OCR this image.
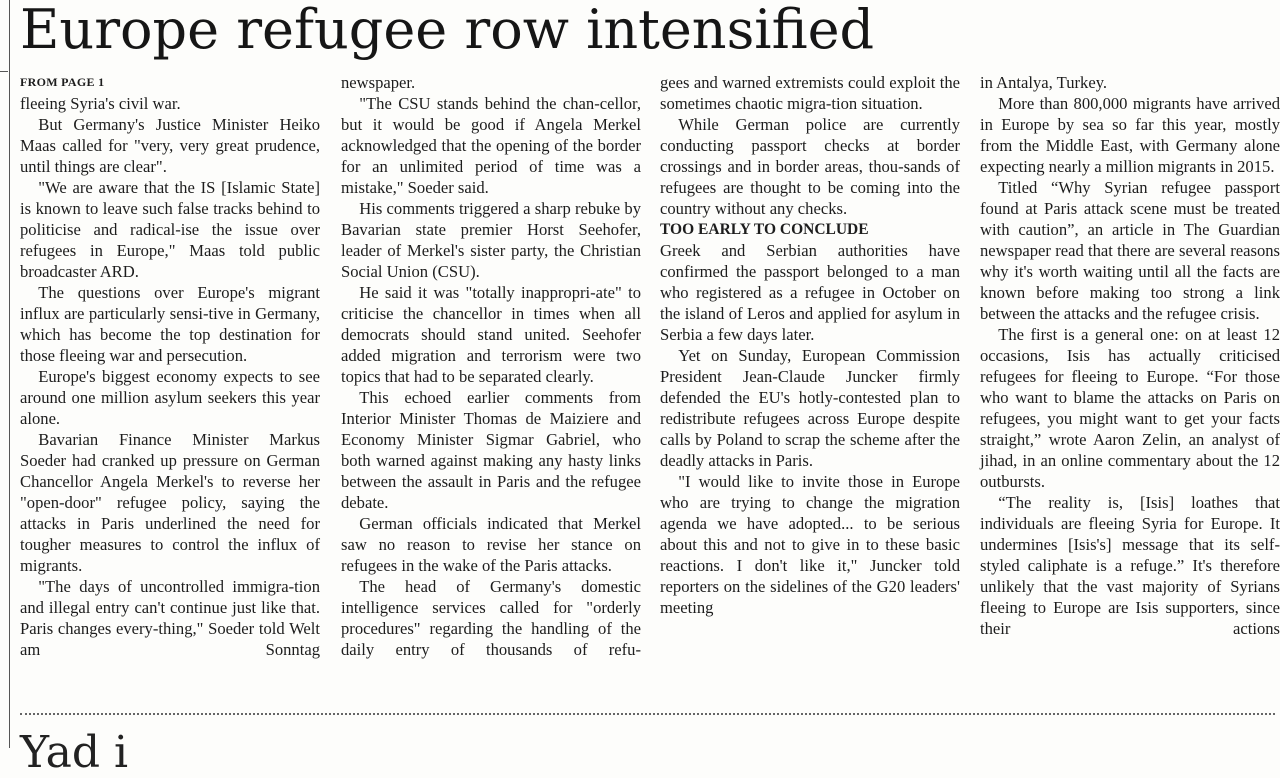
Europe refugee row intensified
FROM PAGE 1

fleeing Syria's civil war.

But Germany's Justice Minister Heiko Maas called for "very, very great prudence, until things are clear".

"We are aware that the IS [Islamic State] is known to leave such false tracks behind to politicise and radical-ise the issue over refugees in Europe," Maas told public broadcaster ARD.

The questions over Europe's migrant influx are particularly sensi-tive in Germany, which has become the top destination for those fleeing war and persecution.

Europe's biggest economy expects to see around one million asylum seekers this year alone.

Bavarian Finance Minister Markus Soeder had cranked up pressure on German Chancellor Angela Merkel's to reverse her "open-door" refugee policy, saying the attacks in Paris underlined the need for tougher measures to control the influx of migrants.

"The days of uncontrolled immigra-tion and illegal entry can't continue just like that. Paris changes every-thing," Soeder told Welt am Sonntag

newspaper.

"The CSU stands behind the chan-cellor, but it would be good if Angela Merkel acknowledged that the opening of the border for an unlimited period of time was a mistake," Soeder said.

His comments triggered a sharp rebuke by Bavarian state premier Horst Seehofer, leader of Merkel's sister party, the Christian Social Union (CSU).

He said it was "totally inappropri-ate" to criticise the chancellor in times when all democrats should stand united. Seehofer added migration and terrorism were two topics that had to be separated clearly.

This echoed earlier comments from Interior Minister Thomas de Maiziere and Economy Minister Sigmar Gabriel, who both warned against making any hasty links between the assault in Paris and the refugee debate.

German officials indicated that Merkel saw no reason to revise her stance on refugees in the wake of the Paris attacks.

The head of Germany's domestic intelligence services called for "orderly procedures" regarding the handling of the daily entry of thousands of refu-

gees and warned extremists could exploit the sometimes chaotic migra-tion situation.

While German police are currently conducting passport checks at border crossings and in border areas, thou-sands of refugees are thought to be coming into the country without any checks.

TOO EARLY TO CONCLUDE

Greek and Serbian authorities have confirmed the passport belonged to a man who registered as a refugee in October on the island of Leros and applied for asylum in Serbia a few days later.

Yet on Sunday, European Commission President Jean-Claude Juncker firmly defended the EU's hotly-contested plan to redistribute refugees across Europe despite calls by Poland to scrap the scheme after the deadly attacks in Paris.

"I would like to invite those in Europe who are trying to change the migration agenda we have adopted... to be serious about this and not to give in to these basic reactions. I don't like it," Juncker told reporters on the sidelines of the G20 leaders' meeting

in Antalya, Turkey.

More than 800,000 migrants have arrived in Europe by sea so far this year, mostly from the Middle East, with Germany alone expecting nearly a million migrants in 2015.

Titled “Why Syrian refugee passport found at Paris attack scene must be treated with caution”, an article in The Guardian newspaper read that there are several reasons why it's worth waiting until all the facts are known before making too strong a link between the attacks and the refugee crisis.

The first is a general one: on at least 12 occasions, Isis has actually criticised refugees for fleeing to Europe. “For those who want to blame the attacks on Paris on refugees, you might want to get your facts straight,” wrote Aaron Zelin, an analyst of jihad, in an online commentary about the 12 outbursts.

“The reality is, [Isis] loathes that individuals are fleeing Syria for Europe. It undermines [Isis's] message that its self-styled caliphate is a refuge.” It's therefore unlikely that the vast majority of Syrians fleeing to Europe are Isis supporters, since their actions

Yad i
